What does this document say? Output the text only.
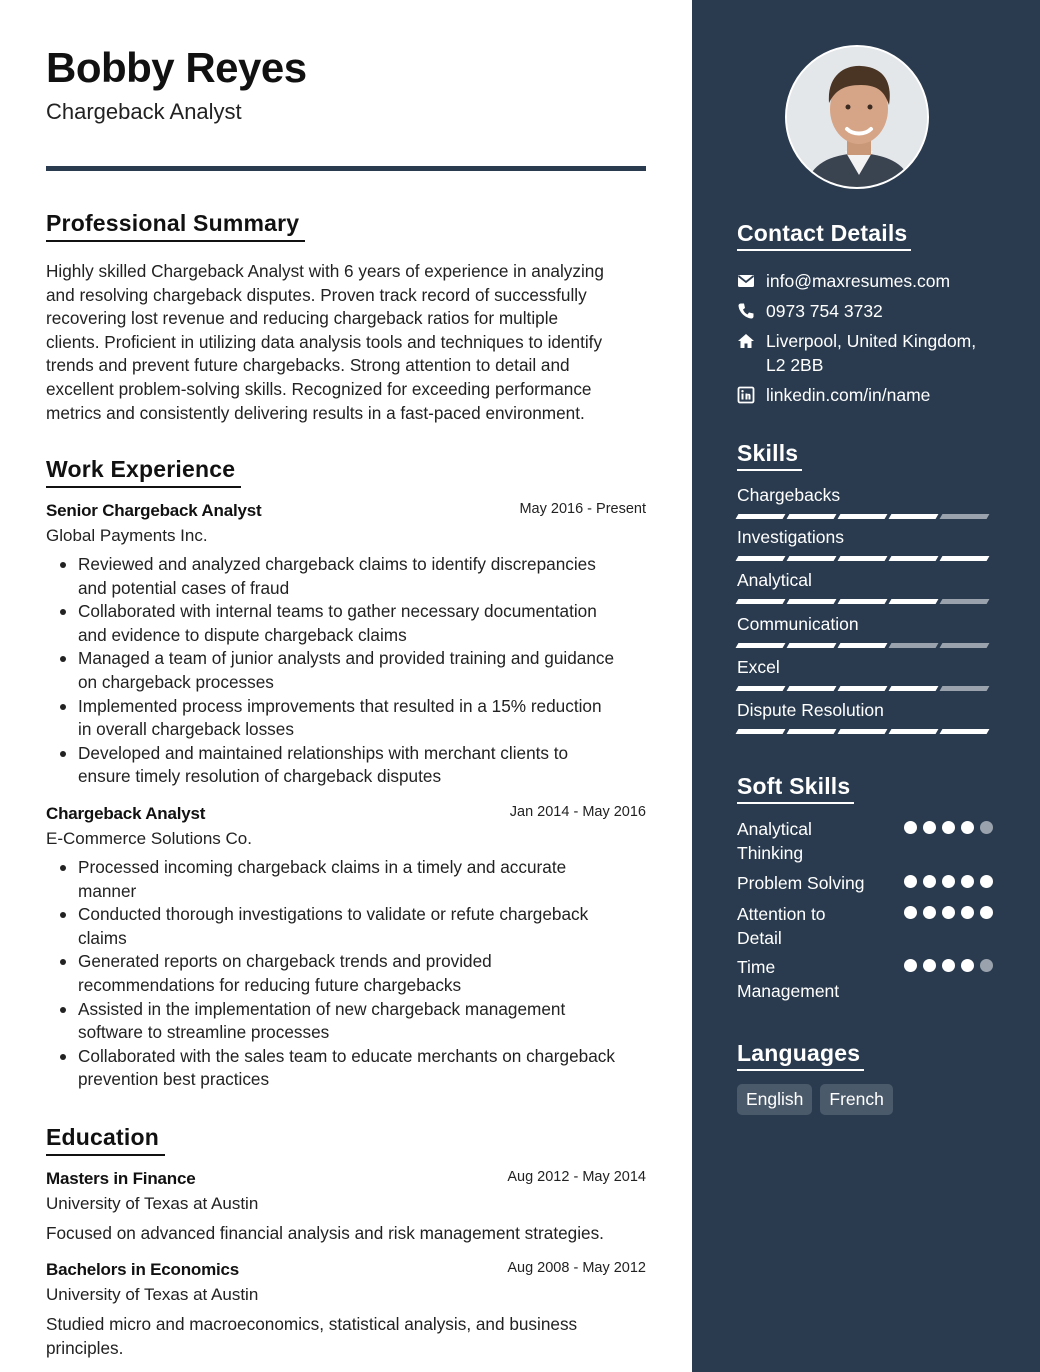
Bobby Reyes
Chargeback Analyst
Professional Summary
Highly skilled Chargeback Analyst with 6 years of experience in analyzing
and resolving chargeback disputes. Proven track record of successfully
recovering lost revenue and reducing chargeback ratios for multiple
clients. Proficient in utilizing data analysis tools and techniques to identify
trends and prevent future chargebacks. Strong attention to detail and
excellent problem-solving skills. Recognized for exceeding performance
metrics and consistently delivering results in a fast-paced environment.
Work Experience
Senior Chargeback Analyst	May 2016 - Present
Global Payments Inc.
Reviewed and analyzed chargeback claims to identify discrepancies
and potential cases of fraud
Collaborated with internal teams to gather necessary documentation
and evidence to dispute chargeback claims
Managed a team of junior analysts and provided training and guidance
on chargeback processes
Implemented process improvements that resulted in a 15% reduction
in overall chargeback losses
Developed and maintained relationships with merchant clients to
ensure timely resolution of chargeback disputes
Chargeback Analyst	Jan 2014 - May 2016
E-Commerce Solutions Co.
Processed incoming chargeback claims in a timely and accurate
manner
Conducted thorough investigations to validate or refute chargeback
claims
Generated reports on chargeback trends and provided
recommendations for reducing future chargebacks
Assisted in the implementation of new chargeback management
software to streamline processes
Collaborated with the sales team to educate merchants on chargeback
prevention best practices
Education
Masters in Finance	Aug 2012 - May 2014
University of Texas at Austin
Focused on advanced financial analysis and risk management strategies.
Bachelors in Economics	Aug 2008 - May 2012
University of Texas at Austin
Studied micro and macroeconomics, statistical analysis, and business
principles.
Contact Details
info@maxresumes.com
0973 754 3732
Liverpool, United Kingdom,
L2 2BB
linkedin.com/in/name
Skills
Chargebacks
Investigations
Analytical
Communication
Excel
Dispute Resolution
Soft Skills
Analytical
Thinking
Problem Solving
Attention to
Detail
Time
Management
Languages
English	French
